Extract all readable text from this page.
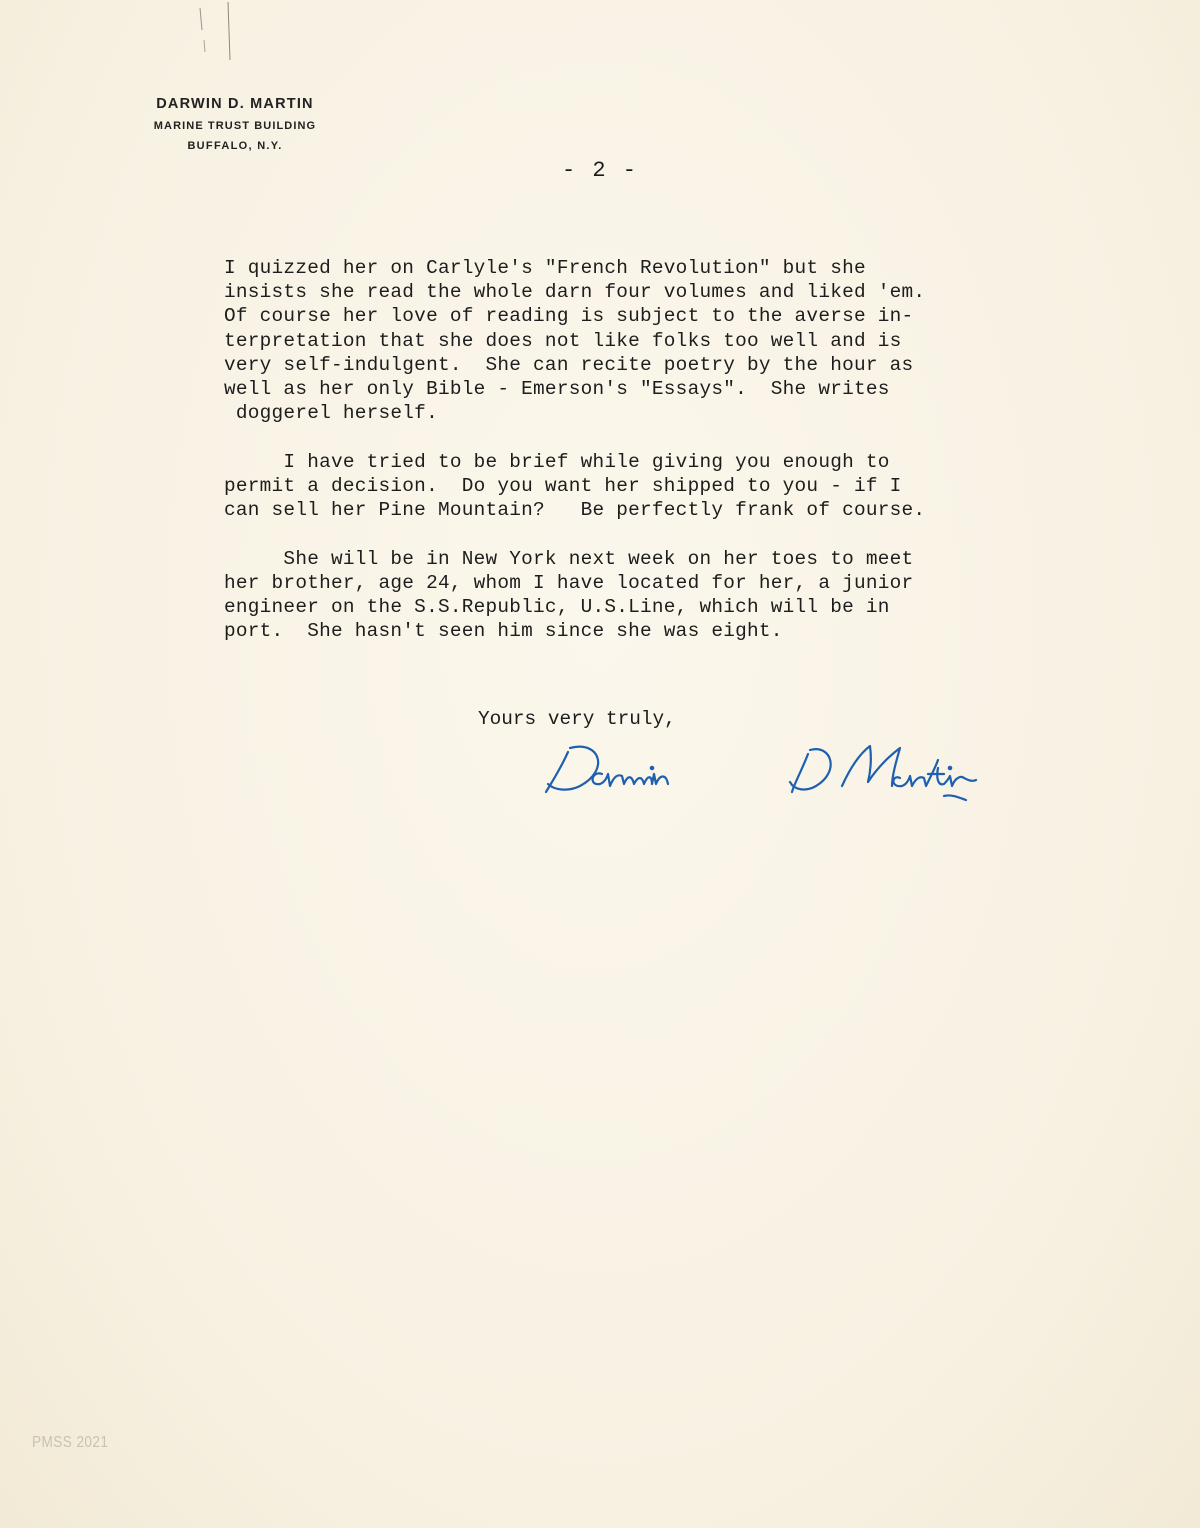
DARWIN D. MARTIN
MARINE TRUST BUILDING
BUFFALO, N.Y.
- 2 -
I quizzed her on Carlyle's "French Revolution" but she
insists she read the whole darn four volumes and liked 'em.
Of course her love of reading is subject to the averse in-
terpretation that she does not like folks too well and is
very self-indulgent.  She can recite poetry by the hour as
well as her only Bible - Emerson's "Essays".  She writes
doggerel herself.
I have tried to be brief while giving you enough to
permit a decision.  Do you want her shipped to you - if I
can sell her Pine Mountain?   Be perfectly frank of course.
She will be in New York next week on her toes to meet
her brother, age 24, whom I have located for her, a junior
engineer on the S.S.Republic, U.S.Line, which will be in
port.  She hasn't seen him since she was eight.
Yours very truly,
PMSS 2021
